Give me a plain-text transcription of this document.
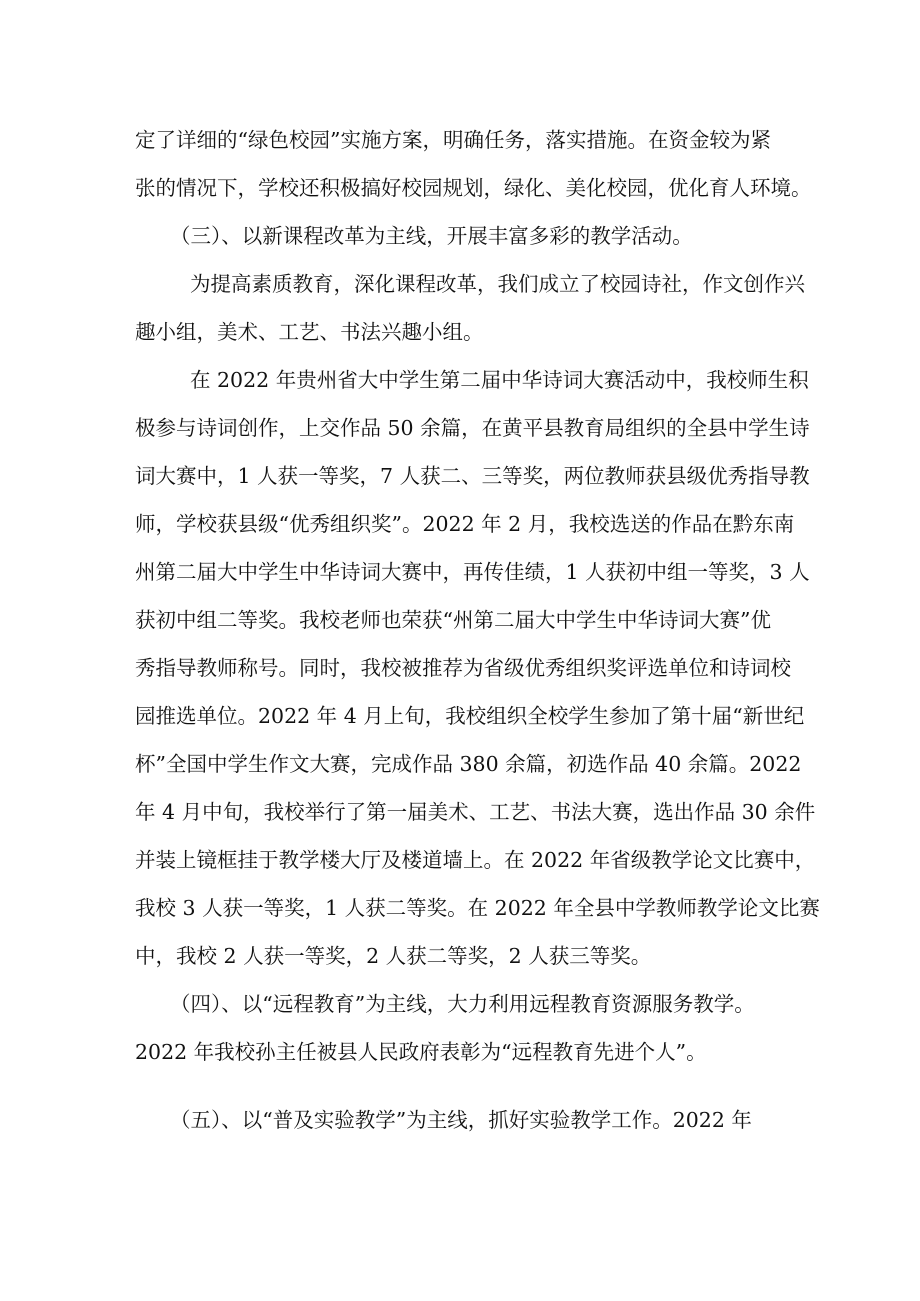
定了详细的“绿色校园”实施方案，明确任务，落实措施。在资金较为紧
张的情况下，学校还积极搞好校园规划，绿化、美化校园，优化育人环境。
（三）、以新课程改革为主线，开展丰富多彩的教学活动。
为提高素质教育，深化课程改革，我们成立了校园诗社，作文创作兴
趣小组，美术、工艺、书法兴趣小组。
在 2022 年贵州省大中学生第二届中华诗词大赛活动中，我校师生积
极参与诗词创作，上交作品 50 余篇，在黄平县教育局组织的全县中学生诗
词大赛中，1 人获一等奖，7 人获二、三等奖，两位教师获县级优秀指导教
师，学校获县级“优秀组织奖”。2022 年 2 月，我校选送的作品在黔东南
州第二届大中学生中华诗词大赛中，再传佳绩，1 人获初中组一等奖，3 人
获初中组二等奖。我校老师也荣获“州第二届大中学生中华诗词大赛”优
秀指导教师称号。同时，我校被推荐为省级优秀组织奖评选单位和诗词校
园推选单位。2022 年 4 月上旬，我校组织全校学生参加了第十届“新世纪
杯”全国中学生作文大赛，完成作品 380 余篇，初选作品 40 余篇。2022
年 4 月中旬，我校举行了第一届美术、工艺、书法大赛，选出作品 30 余件
并装上镜框挂于教学楼大厅及楼道墙上。在 2022 年省级教学论文比赛中，
我校 3 人获一等奖，1 人获二等奖。在 2022 年全县中学教师教学论文比赛
中，我校 2 人获一等奖，2 人获二等奖，2 人获三等奖。
（四）、以“远程教育”为主线，大力利用远程教育资源服务教学。
2022 年我校孙主任被县人民政府表彰为“远程教育先进个人”。
（五）、以“普及实验教学”为主线，抓好实验教学工作。2022 年
